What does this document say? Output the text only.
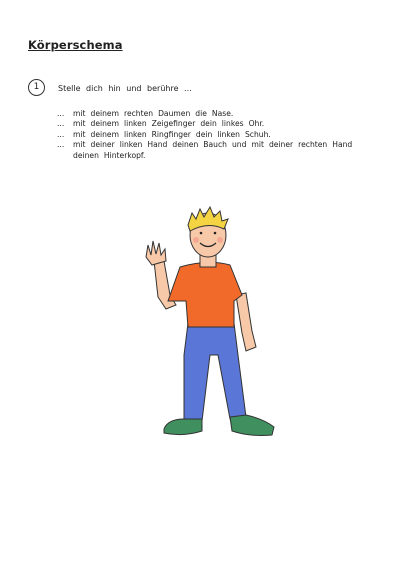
Körperschema
1	Stelle dich hin und berühre ...
... mit deinem rechten Daumen die Nase.
... mit deinem linken Zeigefinger dein linkes Ohr.
... mit deinem linken Ringfinger dein linken Schuh.
... mit deiner linken Hand deinen Bauch und mit deiner rechten Hand
deinen Hinterkopf.
